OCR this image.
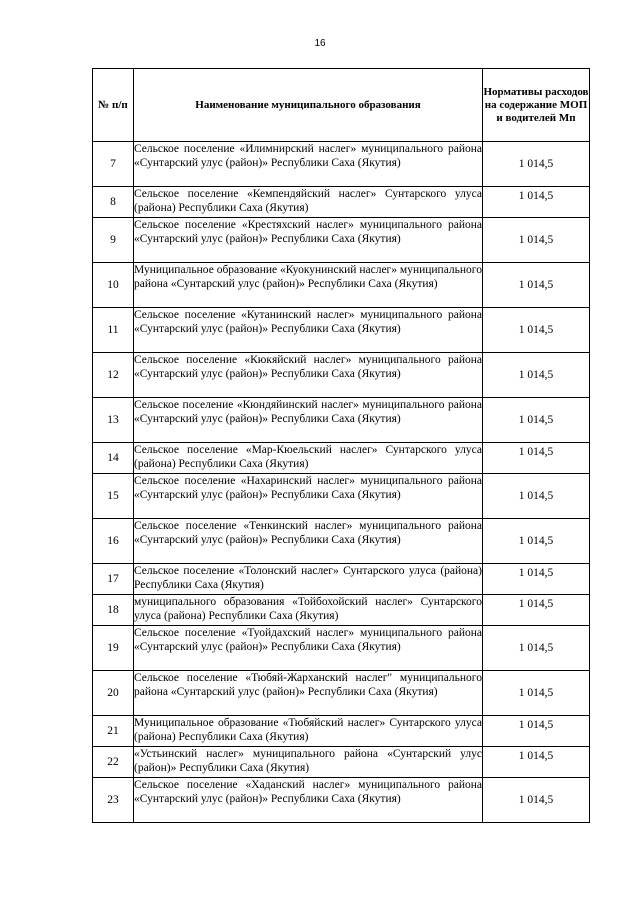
16
№ п/п	Наименование муниципального образования	Нормативы расходов на содержание МОП и водителей Мп
7	Сельское поселение «Илимнирский наслег» муниципального района «Сунтарский улус (район)» Республики Саха (Якутия)	1 014,5
8	Сельское поселение «Кемпендяйский наслег» Сунтарского улуса (района) Республики Саха (Якутия)	1 014,5
9	Сельское поселение «Крестяхский наслег» муниципального района «Сунтарский улус (район)» Республики Саха (Якутия)	1 014,5
10	Муниципальное образование «Куокунинский наслег» муниципального района «Сунтарский улус (район)» Республики Саха (Якутия)	1 014,5
11	Сельское поселение «Кутанинский наслег» муниципального района «Сунтарский улус (район)» Республики Саха (Якутия)	1 014,5
12	Сельское поселение «Кюкяйский наслег» муниципального района «Сунтарский улус (район)» Республики Саха (Якутия)	1 014,5
13	Сельское поселение «Кюндяйинский наслег» муниципального района «Сунтарский улус (район)» Республики Саха (Якутия)	1 014,5
14	Сельское поселение «Мар-Кюельский наслег» Сунтарского улуса (района) Республики Саха (Якутия)	1 014,5
15	Сельское поселение «Нахаринский наслег» муниципального района «Сунтарский улус (район)» Республики Саха (Якутия)	1 014,5
16	Сельское поселение «Тенкинский наслег» муниципального района «Сунтарский улус (район)» Республики Саха (Якутия)	1 014,5
17	Сельское поселение «Толонский наслег» Сунтарского улуса (района) Республики Саха (Якутия)	1 014,5
18	муниципального образования «Тойбохойский наслег» Сунтарского улуса (района) Республики Саха (Якутия)	1 014,5
19	Сельское поселение «Туойдахский наслег» муниципального района «Сунтарский улус (район)» Республики Саха (Якутия)	1 014,5
20	Сельское поселение «Тюбяй-Жарханский наслег" муниципального района «Сунтарский улус (район)» Республики Саха (Якутия)	1 014,5
21	Муниципальное образование «Тюбяйский наслег» Сунтарского улуса (района) Республики Саха (Якутия)	1 014,5
22	«Устьинский наслег» муниципального района «Сунтарский улус (район)» Республики Саха (Якутия)	1 014,5
23	Сельское поселение «Хаданский наслег» муниципального района «Сунтарский улус (район)» Республики Саха (Якутия)	1 014,5
